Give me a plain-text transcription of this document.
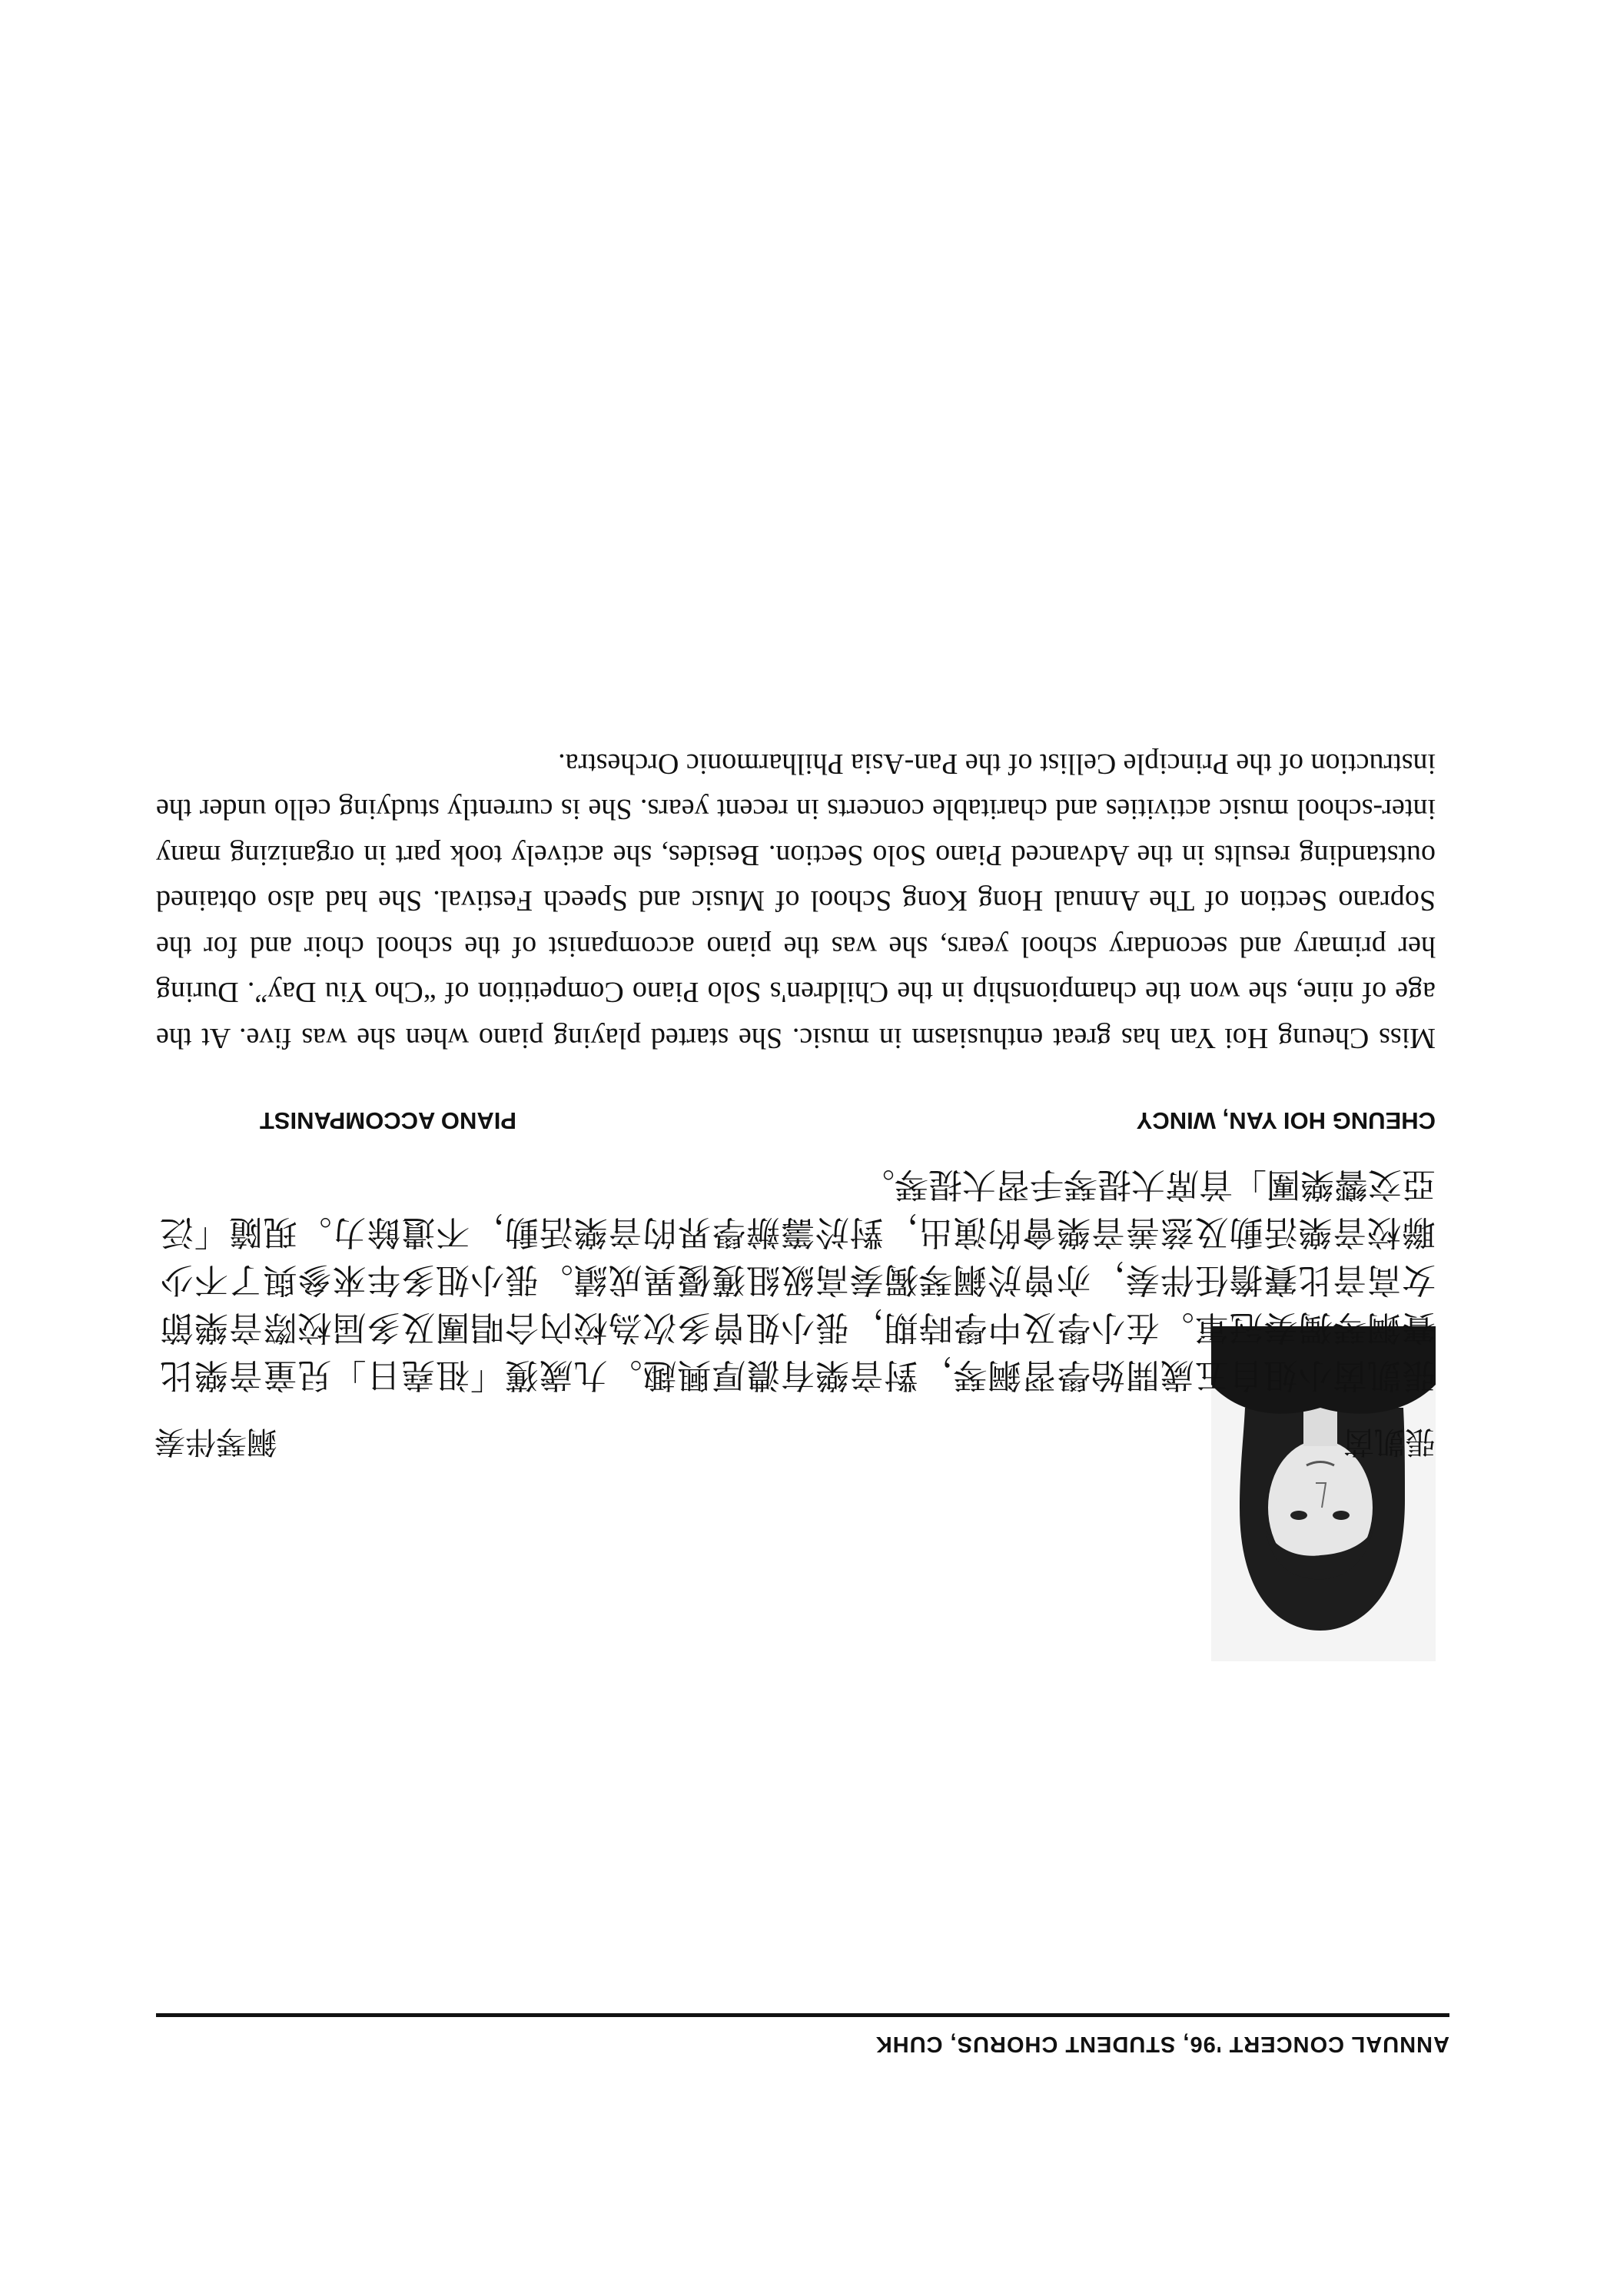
ANNUAL CONCERT '96, STUDENT CHORUS, CUHK
張凱茵
鋼琴伴奏
張凱茵小姐自五歲開始學習鋼琴，對音樂有濃厚興趣。九歲獲「祖堯日」兒童音樂比賽鋼琴獨奏冠軍。在小學及中學時期，張小姐曾多次為校內合唱團及多屆校際音樂節女高音比賽擔任伴奏，亦曾於鋼琴獨奏高級組獲優異成績。張小姐多年來參與了不少聯校音樂活動及慈善音樂會的演出，對於籌辦學界的音樂活動，不遺餘力。現隨「泛亞交響樂團」首席大提琴手習大提琴。
CHEUNG HOI YAN, WINCY
PIANO ACCOMPANIST
Miss Cheung Hoi Yan has great enthusiasm in music. She started playing piano when she was five. At the age of nine, she won the championship in the Children's Solo Piano Competition of “Cho Yiu Day”. During her primary and secondary school years, she was the piano accompanist of the school choir and for the Soprano Section of The Annual Hong Kong School of Music and Speech Festival. She had also obtained outstanding results in the Advanced Piano Solo Section. Besides, she actively took part in organizing many inter-school music activities and charitable concerts in recent years. She is currently studying cello under the instruction of the Principle Cellist of the Pan-Asia Philharmonic Orchestra.
